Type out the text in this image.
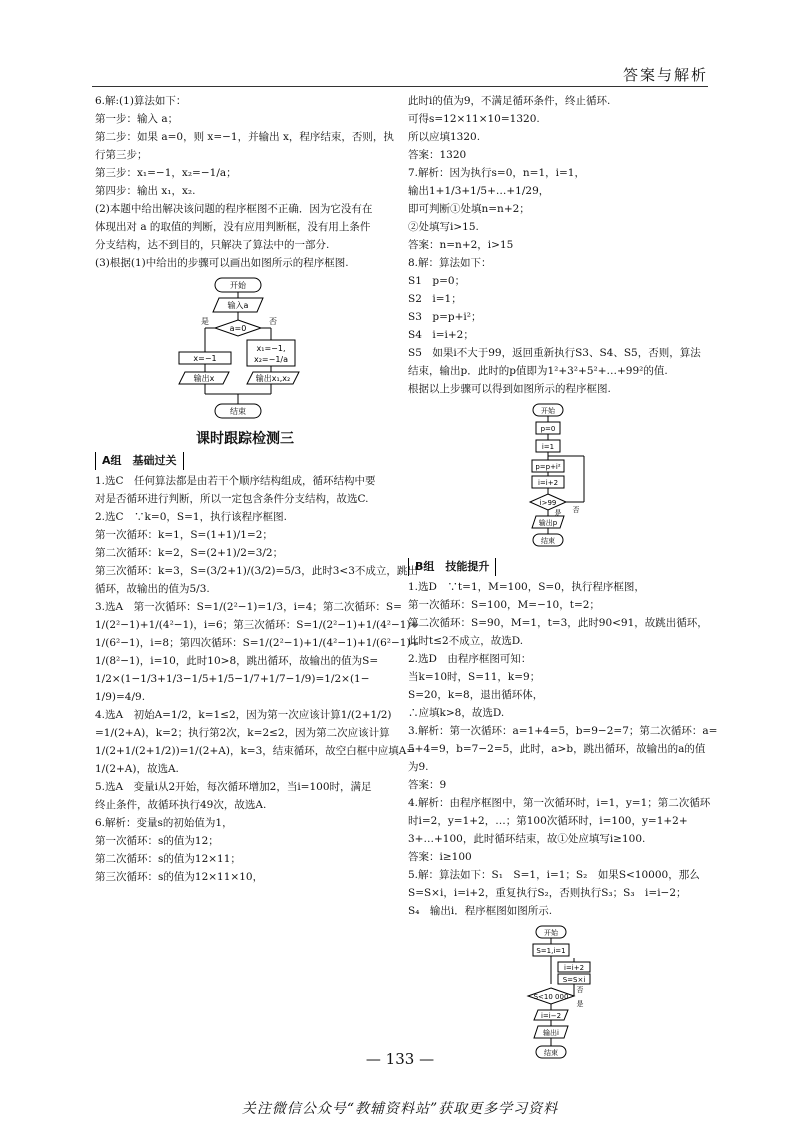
答案与解析

6.解:(1)算法如下：

第一步：输入 a；

第二步：如果 a=0，则 x=−1，并输出 x，程序结束，否则，执

行第三步；

第三步：x₁=−1，x₂=−1/a；

第四步：输出 x₁，x₂.

(2)本题中给出解决该问题的程序框图不正确．因为它没有在

体现出对 a 的取值的判断，没有应用判断框，没有用上条件

分支结构，达不到目的，只解决了算法中的一部分.

(3)根据(1)中给出的步骤可以画出如图所示的程序框图.

开始
输入a
a=0
是	否
x=−1
x₁=−1,
x₂=−1/a
输出x	输出x₁,x₂
结束
课时跟踪检测三
A组　基础过关

1.选C　任何算法都是由若干个顺序结构组成，循环结构中要

对是否循环进行判断，所以一定包含条件分支结构，故选C.

2.选C　∵k=0，S=1，执行该程序框图.

第一次循环：k=1，S=(1+1)/1=2；

第二次循环：k=2，S=(2+1)/2=3/2；

第三次循环：k=3，S=(3/2+1)/(3/2)=5/3，此时3<3不成立，跳出

循环，故输出的值为5/3.

3.选A　第一次循环：S=1/(2²−1)=1/3，i=4；第二次循环：S=

1/(2²−1)+1/(4²−1)，i=6；第三次循环：S=1/(2²−1)+1/(4²−1)+

1/(6²−1)，i=8；第四次循环：S=1/(2²−1)+1/(4²−1)+1/(6²−1)+

1/(8²−1)，i=10，此时10>8，跳出循环，故输出的值为S=

1/2×(1−1/3+1/3−1/5+1/5−1/7+1/7−1/9)=1/2×(1−

1/9)=4/9.

4.选A　初始A=1/2，k=1≤2，因为第一次应该计算1/(2+1/2)

=1/(2+A)，k=2；执行第2次，k=2≤2，因为第二次应该计算

1/(2+1/(2+1/2))=1/(2+A)，k=3，结束循环，故空白框中应填A=

1/(2+A)，故选A.

5.选A　变量i从2开始，每次循环增加2，当i=100时，满足

终止条件，故循环执行49次，故选A.

6.解析：变量s的初始值为1，

第一次循环：s的值为12；

第二次循环：s的值为12×11；

第三次循环：s的值为12×11×10，

此时i的值为9，不满足循环条件，终止循环.

可得s=12×11×10=1320.

所以应填1320.

答案：1320

7.解析：因为执行s=0，n=1，i=1，

输出1+1/3+1/5+…+1/29，

即可判断①处填n=n+2；

②处填写i>15.

答案：n=n+2，i>15

8.解：算法如下：

S1　p=0；

S2　i=1；

S3　p=p+i²；

S4　i=i+2；

S5　如果i不大于99，返回重新执行S3、S4、S5，否则，算法

结束，输出p．此时的p值即为1²+3²+5²+…+99²的值.

根据以上步骤可以得到如图所示的程序框图.

开始
p=0
i=1
p=p+i²
i=i+2
i>99
否
是
输出p
结束
B组　技能提升

1.选D　∵t=1，M=100，S=0，执行程序框图，

第一次循环：S=100，M=−10，t=2；

第二次循环：S=90，M=1，t=3，此时90<91，故跳出循环，

此时t≤2不成立，故选D.

2.选D　由程序框图可知：

当k=10时，S=11，k=9；

S=20，k=8，退出循环体，

∴应填k>8，故选D.

3.解析：第一次循环：a=1+4=5，b=9−2=7；第二次循环：a=

5+4=9，b=7−2=5，此时，a>b，跳出循环，故输出的a的值

为9.

答案：9

4.解析：由程序框图中，第一次循环时，i=1，y=1；第二次循环

时i=2，y=1+2，…；第100次循环时，i=100，y=1+2+

3+…+100，此时循环结束，故①处应填写i≥100.

答案：i≥100

5.解：算法如下：S₁　S=1，i=1；S₂　如果S<10000，那么

S=S×i，i=i+2，重复执行S₂，否则执行S₃；S₃　i=i−2；

S₄　输出i．程序框图如图所示.

开始
S=1,i=1
i=i+2
S=S×i
S<10 000
否
是
i=i−2
输出i
结束
— 133 —
关注微信公众号“教辅资料站”获取更多学习资料
